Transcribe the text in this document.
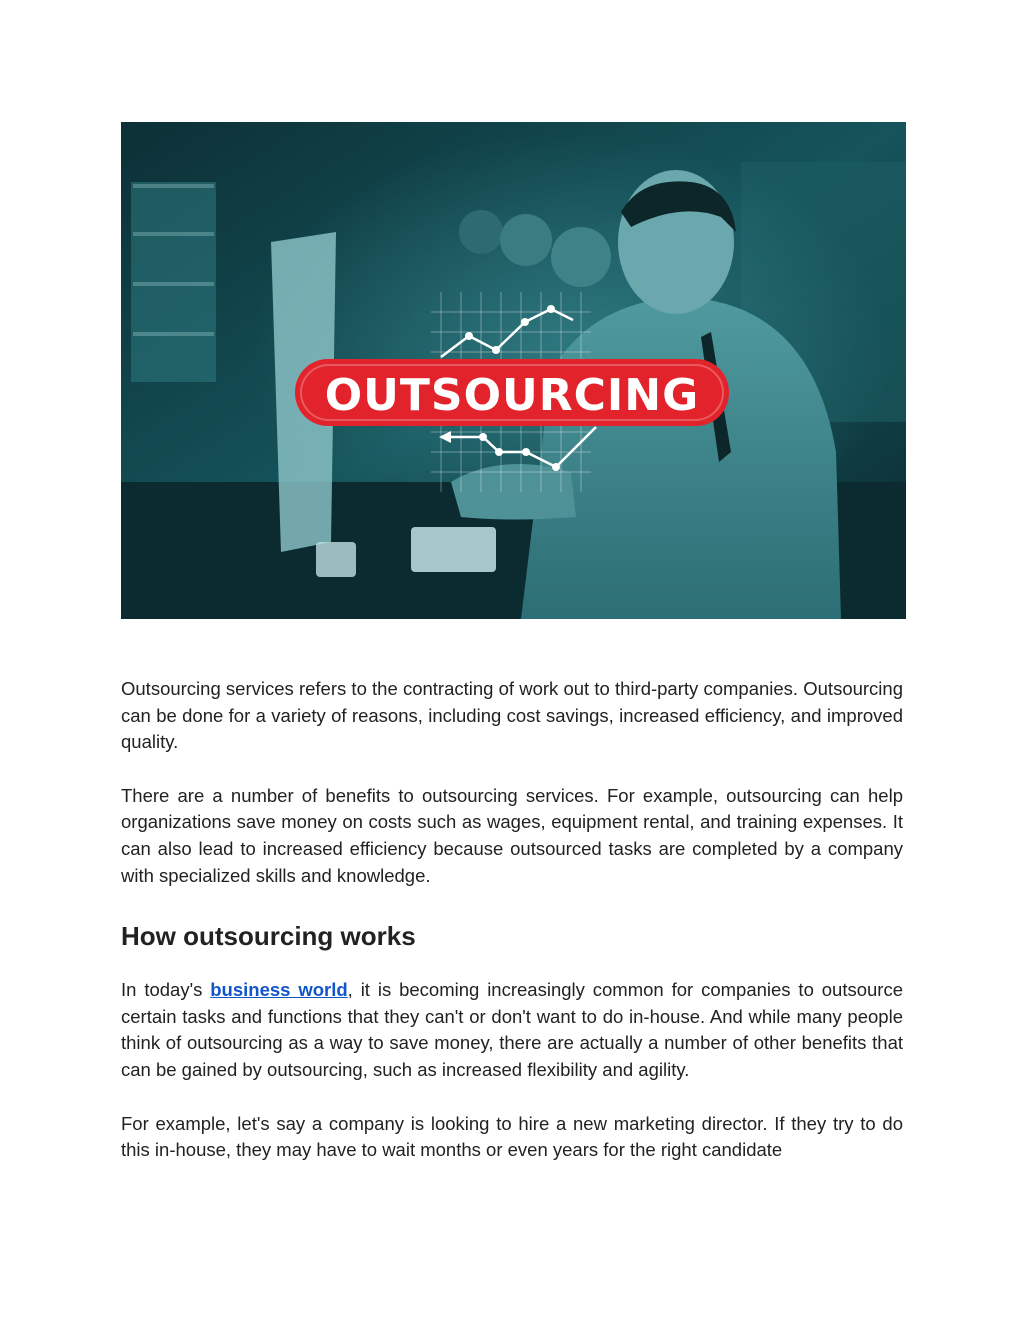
OUTSOURCING

Outsourcing services refers to the contracting of work out to third-party companies. Outsourcing can be done for a variety of reasons, including cost savings, increased efficiency, and improved quality.

There are a number of benefits to outsourcing services. For example, outsourcing can help organizations save money on costs such as wages, equipment rental, and training expenses. It can also lead to increased efficiency because outsourced tasks are completed by a company with specialized skills and knowledge.

How outsourcing works

In today's business world, it is becoming increasingly common for companies to outsource certain tasks and functions that they can't or don't want to do in-house. And while many people think of outsourcing as a way to save money, there are actually a number of other benefits that can be gained by outsourcing, such as increased flexibility and agility.

For example, let's say a company is looking to hire a new marketing director. If they try to do this in-house, they may have to wait months or even years for the right candidate
